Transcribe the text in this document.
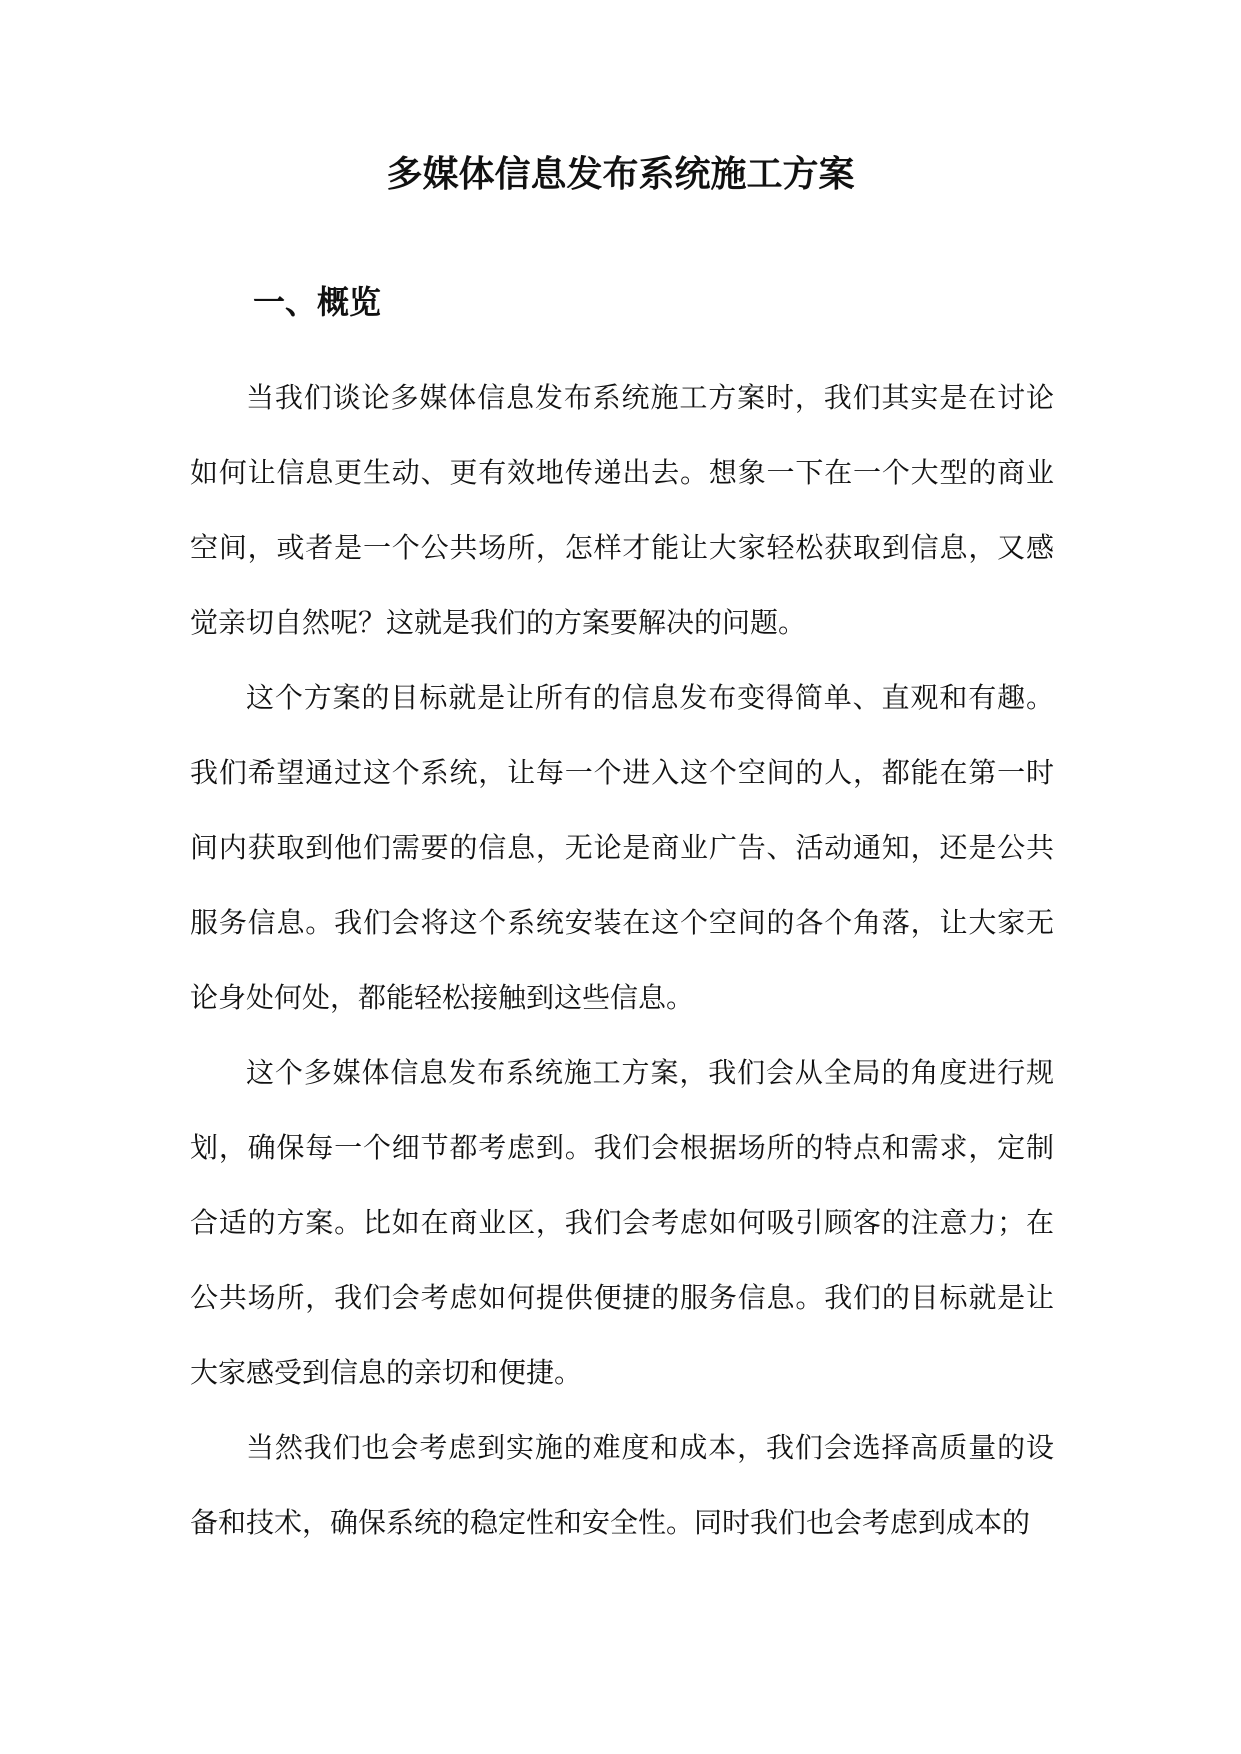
多媒体信息发布系统施工方案
一、概览

当我们谈论多媒体信息发布系统施工方案时，我们其实是在讨论如何让信息更生动、更有效地传递出去。想象一下在一个大型的商业空间，或者是一个公共场所，怎样才能让大家轻松获取到信息，又感觉亲切自然呢？这就是我们的方案要解决的问题。

这个方案的目标就是让所有的信息发布变得简单、直观和有趣。我们希望通过这个系统，让每一个进入这个空间的人，都能在第一时间内获取到他们需要的信息，无论是商业广告、活动通知，还是公共服务信息。我们会将这个系统安装在这个空间的各个角落，让大家无论身处何处，都能轻松接触到这些信息。

这个多媒体信息发布系统施工方案，我们会从全局的角度进行规划，确保每一个细节都考虑到。我们会根据场所的特点和需求，定制合适的方案。比如在商业区，我们会考虑如何吸引顾客的注意力；在公共场所，我们会考虑如何提供便捷的服务信息。我们的目标就是让大家感受到信息的亲切和便捷。

当然我们也会考虑到实施的难度和成本，我们会选择高质量的设备和技术，确保系统的稳定性和安全性。同时我们也会考虑到成本的
